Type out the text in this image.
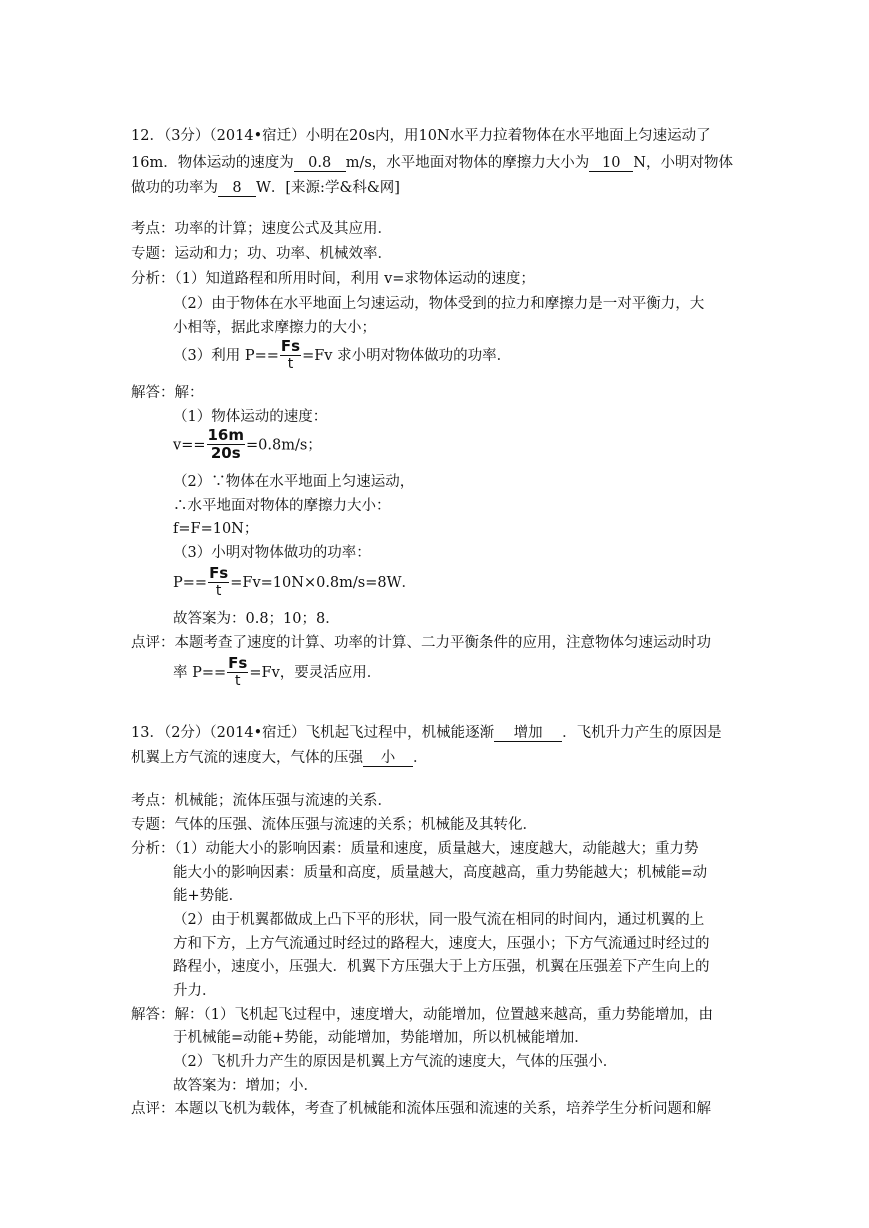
12．（3分）（2014•宿迁）小明在20s内，用10N水平力拉着物体在水平地面上匀速运动了
16m．物体运动的速度为 0.8 m/s，水平地面对物体的摩擦力大小为 10 N，小明对物体
做功的功率为 8 W．[来源:学&科&网]
考点：功率的计算；速度公式及其应用．
专题：运动和力；功、功率、机械效率．
分析：（1）知道路程和所用时间，利用 v=求物体运动的速度；
（2）由于物体在水平地面上匀速运动，物体受到的拉力和摩擦力是一对平衡力，大
小相等，据此求摩擦力的大小；
（3）利用 $P== \frac{Fs}{t} =Fv$ 求小明对物体做功的功率．
解答：解：
（1）物体运动的速度：
$v== \frac{16m}{20s} =0.8m/s$；
（2）∵物体在水平地面上匀速运动，
∴水平地面对物体的摩擦力大小：
f=F=10N；
（3）小明对物体做功的功率：
$P== \frac{Fs}{t} =Fv=10N\times 0.8m/s=8W$．
故答案为：0.8；10；8．
点评：本题考查了速度的计算、功率的计算、二力平衡条件的应用，注意物体匀速运动时功
率 $P== \frac{Fs}{t} =Fv$，要灵活应用．
13．（2分）（2014•宿迁）飞机起飞过程中，机械能逐渐 增加 ．飞机升力产生的原因是
机翼上方气流的速度大，气体的压强 小 ．
考点：机械能；流体压强与流速的关系．
专题：气体的压强、流体压强与流速的关系；机械能及其转化．
分析：（1）动能大小的影响因素：质量和速度，质量越大，速度越大，动能越大；重力势
能大小的影响因素：质量和高度，质量越大，高度越高，重力势能越大；机械能=动
能+势能．
（2）由于机翼都做成上凸下平的形状，同一股气流在相同的时间内，通过机翼的上
方和下方，上方气流通过时经过的路程大，速度大，压强小；下方气流通过时经过的
路程小，速度小，压强大．机翼下方压强大于上方压强，机翼在压强差下产生向上的
升力．
解答：解：（1）飞机起飞过程中，速度增大，动能增加，位置越来越高，重力势能增加，由
于机械能=动能+势能，动能增加，势能增加，所以机械能增加．
（2）飞机升力产生的原因是机翼上方气流的速度大，气体的压强小．
故答案为：增加；小．
点评：本题以飞机为载体，考查了机械能和流体压强和流速的关系，培养学生分析问题和解
